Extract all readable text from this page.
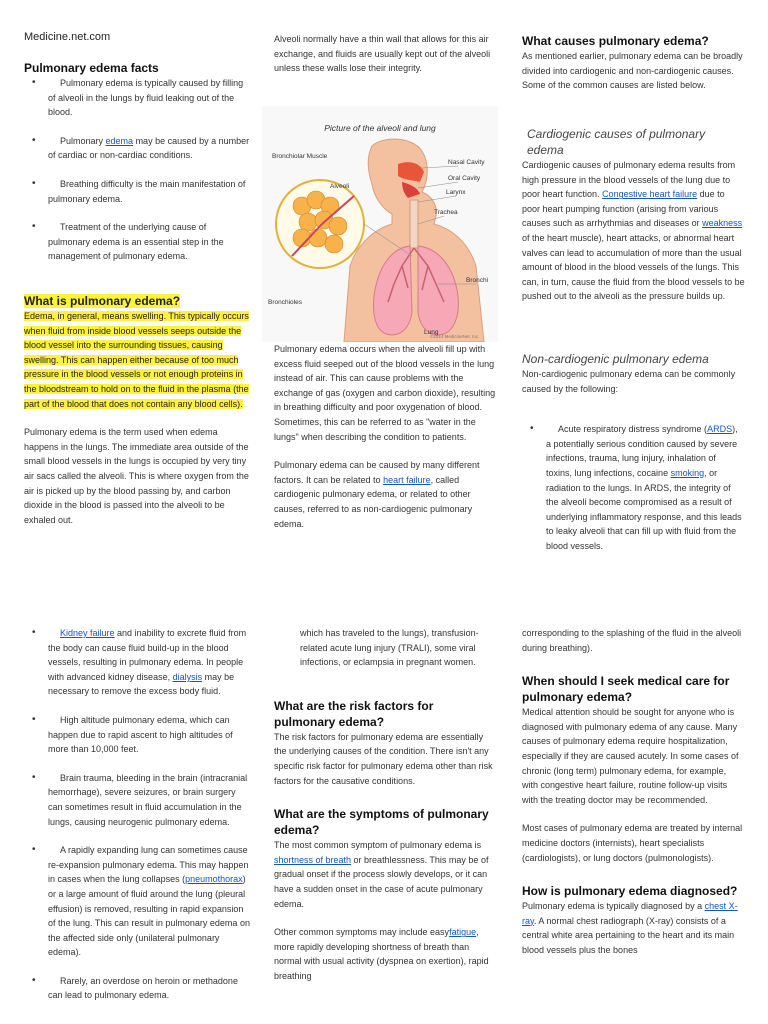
Medicine.net.com

Pulmonary edema facts

•	Pulmonary edema is typically caused by filling of alveoli in the lungs by fluid leaking out of the blood.

•	Pulmonary edema may be caused by a number of cardiac or non-cardiac conditions.

•	Breathing difficulty is the main manifestation of pulmonary edema.

•	Treatment of the underlying cause of pulmonary edema is an essential step in the management of pulmonary edema.

What is pulmonary edema?

Edema, in general, means swelling. This typically occurs when fluid from inside blood vessels seeps outside the blood vessel into the surrounding tissues, causing swelling. This can happen either because of too much pressure in the blood vessels or not enough proteins in the bloodstream to hold on to the fluid in the plasma (the part of the blood that does not contain any blood cells).

Pulmonary edema is the term used when edema happens in the lungs. The immediate area outside of the small blood vessels in the lungs is occupied by very tiny air sacs called the alveoli. This is where oxygen from the air is picked up by the blood passing by, and carbon dioxide in the blood is passed into the alveoli to be exhaled out.

Alveoli normally have a thin wall that allows for this air exchange, and fluids are usually kept out of the alveoli unless these walls lose their integrity.

Picture of the alveoli and lung
Bronchiolar Muscle
Alveoli
Bronchioles
Nasal Cavity
Oral Cavity
Larynx
Trachea
Bronchi
Lung
©2014 MedicineNet, Inc.

Pulmonary edema occurs when the alveoli fill up with excess fluid seeped out of the blood vessels in the lung instead of air. This can cause problems with the exchange of gas (oxygen and carbon dioxide), resulting in breathing difficulty and poor oxygenation of blood. Sometimes, this can be referred to as "water in the lungs" when describing the condition to patients.

Pulmonary edema can be caused by many different factors. It can be related to heart failure, called cardiogenic pulmonary edema, or related to other causes, referred to as non-cardiogenic pulmonary edema.

What causes pulmonary edema?

As mentioned earlier, pulmonary edema can be broadly divided into cardiogenic and non-cardiogenic causes. Some of the common causes are listed below.

Cardiogenic causes of pulmonary edema

Cardiogenic causes of pulmonary edema results from high pressure in the blood vessels of the lung due to poor heart function. Congestive heart failure due to poor heart pumping function (arising from various causes such as arrhythmias and diseases or weakness of the heart muscle), heart attacks, or abnormal heart valves can lead to accumulation of more than the usual amount of blood in the blood vessels of the lungs. This can, in turn, cause the fluid from the blood vessels to be pushed out to the alveoli as the pressure builds up.

Non-cardiogenic pulmonary edema

Non-cardiogenic pulmonary edema can be commonly caused by the following:

•	Acute respiratory distress syndrome (ARDS), a potentially serious condition caused by severe infections, trauma, lung injury, inhalation of toxins, lung infections, cocaine smoking, or radiation to the lungs. In ARDS, the integrity of the alveoli become compromised as a result of underlying inflammatory response, and this leads to leaky alveoli that can fill up with fluid from the blood vessels.

•	Kidney failure and inability to excrete fluid from the body can cause fluid build-up in the blood vessels, resulting in pulmonary edema. In people with advanced kidney disease, dialysis may be necessary to remove the excess body fluid.

•	High altitude pulmonary edema, which can happen due to rapid ascent to high altitudes of more than 10,000 feet.

•	Brain trauma, bleeding in the brain (intracranial hemorrhage), severe seizures, or brain surgery can sometimes result in fluid accumulation in the lungs, causing neurogenic pulmonary edema.

•	A rapidly expanding lung can sometimes cause re-expansion pulmonary edema. This may happen in cases when the lung collapses (pneumothorax) or a large amount of fluid around the lung (pleural effusion) is removed, resulting in rapid expansion of the lung. This can result in pulmonary edema on the affected side only (unilateral pulmonary edema).

•	Rarely, an overdose on heroin or methadone can lead to pulmonary edema.

which has traveled to the lungs), transfusion-related acute lung injury (TRALI), some viral infections, or eclampsia in pregnant women.

What are the risk factors for pulmonary edema?

The risk factors for pulmonary edema are essentially the underlying causes of the condition. There isn't any specific risk factor for pulmonary edema other than risk factors for the causative conditions.

What are the symptoms of pulmonary edema?

The most common symptom of pulmonary edema is shortness of breath or breathlessness. This may be of gradual onset if the process slowly develops, or it can have a sudden onset in the case of acute pulmonary edema.

Other common symptoms may include easyfatigue, more rapidly developing shortness of breath than normal with usual activity (dyspnea on exertion), rapid breathing

corresponding to the splashing of the fluid in the alveoli during breathing).

When should I seek medical care for pulmonary edema?

Medical attention should be sought for anyone who is diagnosed with pulmonary edema of any cause. Many causes of pulmonary edema require hospitalization, especially if they are caused acutely. In some cases of chronic (long term) pulmonary edema, for example, with congestive heart failure, routine follow-up visits with the treating doctor may be recommended.

Most cases of pulmonary edema are treated by internal medicine doctors (internists), heart specialists (cardiologists), or lung doctors (pulmonologists).

How is pulmonary edema diagnosed?

Pulmonary edema is typically diagnosed by a chest X-ray. A normal chest radiograph (X-ray) consists of a central white area pertaining to the heart and its main blood vessels plus the bones
